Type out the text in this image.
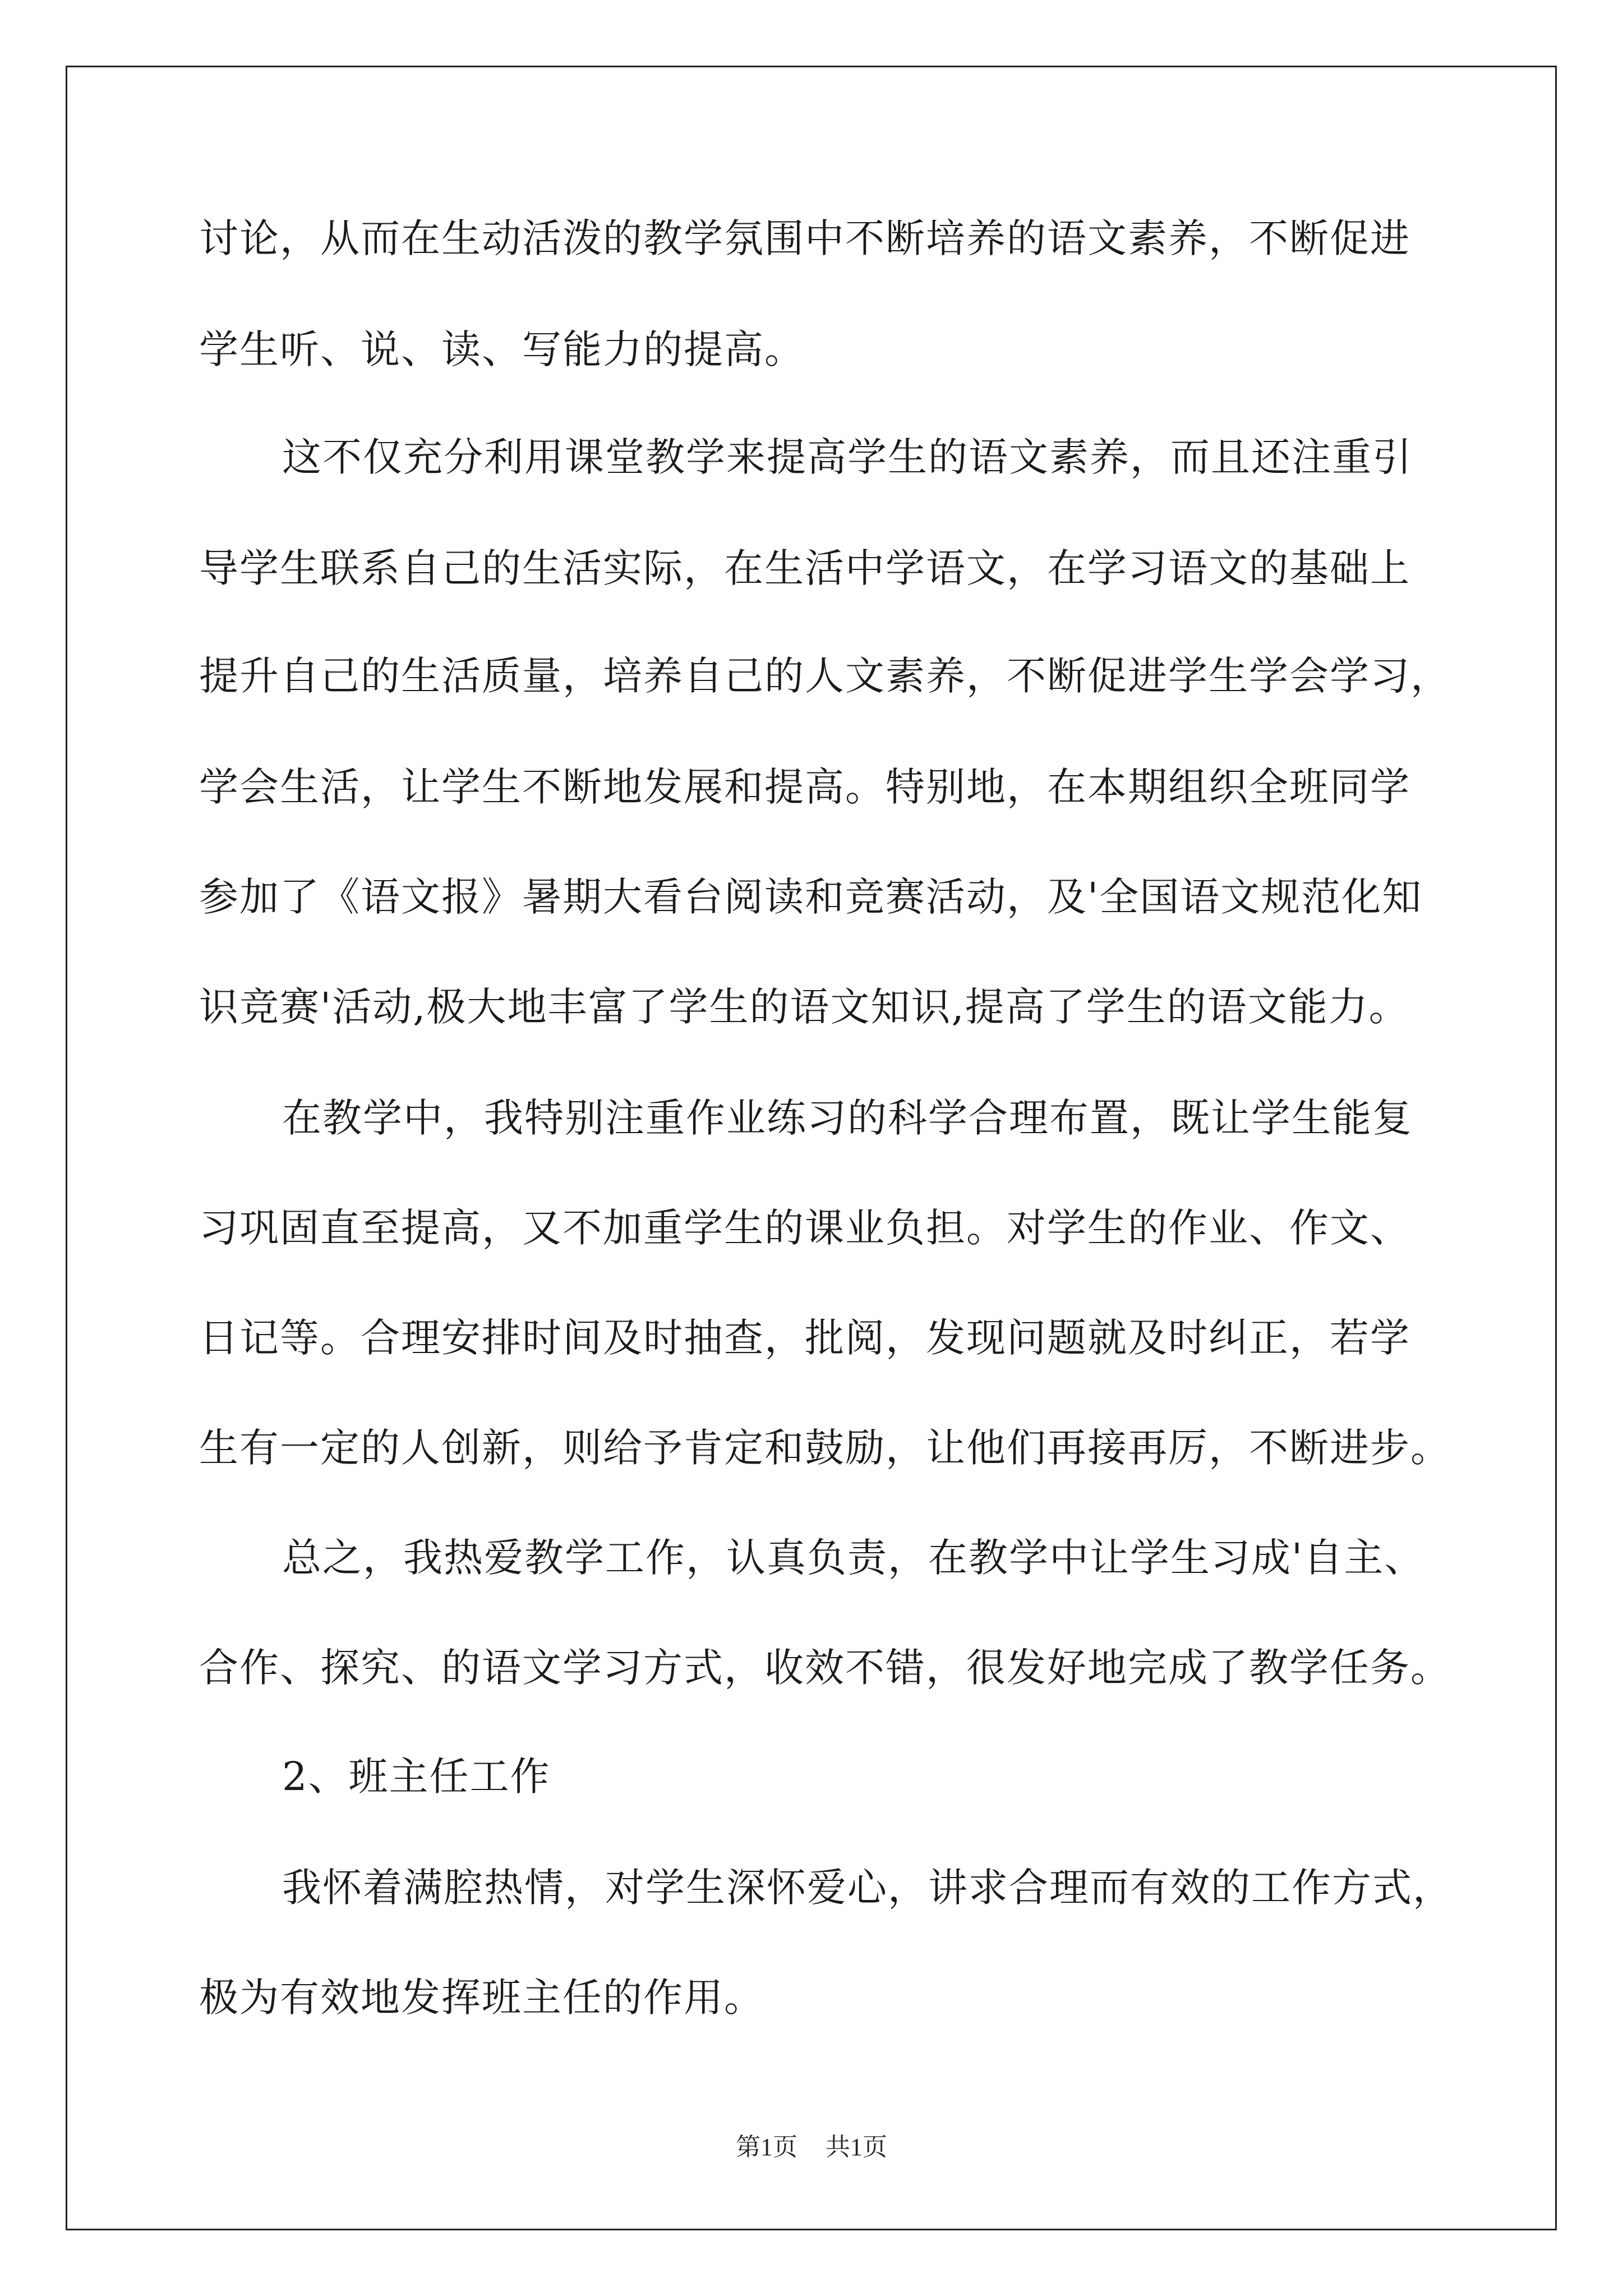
讨论，从而在生动活泼的教学氛围中不断培养的语文素养，不断促进
学生听、说、读、写能力的提高。
这不仅充分利用课堂教学来提高学生的语文素养，而且还注重引
导学生联系自己的生活实际，在生活中学语文，在学习语文的基础上
提升自己的生活质量，培养自己的人文素养，不断促进学生学会学习，
学会生活，让学生不断地发展和提高。特别地，在本期组织全班同学
参加了《语文报》暑期大看台阅读和竞赛活动，及'全国语文规范化知
识竞赛'活动,极大地丰富了学生的语文知识,提高了学生的语文能力。
在教学中，我特别注重作业练习的科学合理布置，既让学生能复
习巩固直至提高，又不加重学生的课业负担。对学生的作业、作文、
日记等。合理安排时间及时抽查，批阅，发现问题就及时纠正，若学
生有一定的人创新，则给予肯定和鼓励，让他们再接再厉，不断进步。
总之，我热爱教学工作，认真负责，在教学中让学生习成'自主、
合作、探究、的语文学习方式，收效不错，很发好地完成了教学任务。
2、班主任工作
我怀着满腔热情，对学生深怀爱心，讲求合理而有效的工作方式，
极为有效地发挥班主任的作用。
第1页 共1页
